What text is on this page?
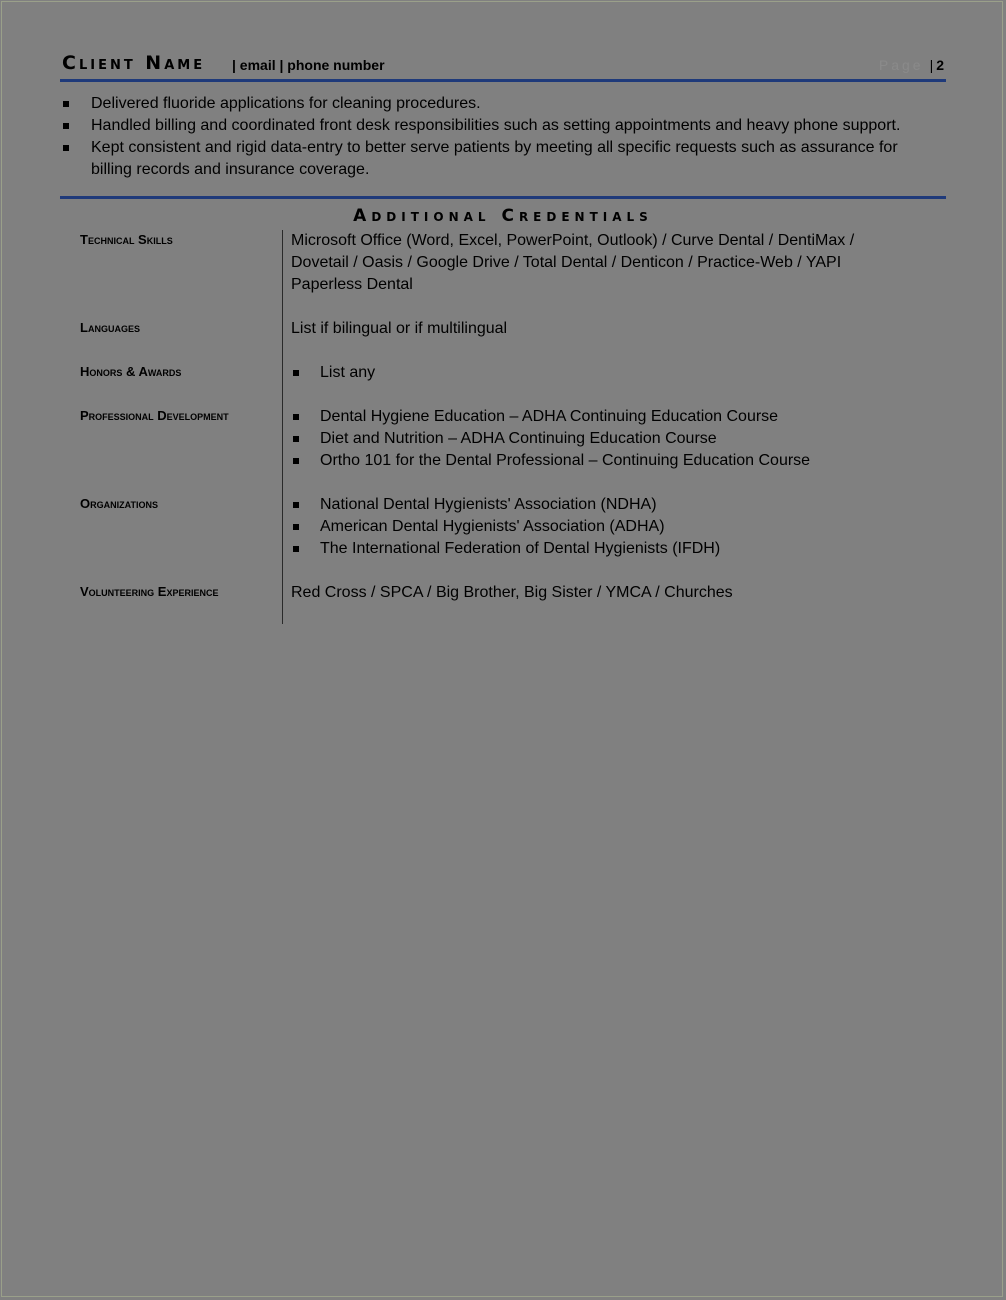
Client Name | email | phone number	Page | 2
Delivered fluoride applications for cleaning procedures.
Handled billing and coordinated front desk responsibilities such as setting appointments and heavy phone support.
Kept consistent and rigid data-entry to better serve patients by meeting all specific requests such as assurance for billing records and insurance coverage.
Additional Credentials
Technical Skills	Microsoft Office (Word, Excel, PowerPoint, Outlook) / Curve Dental / DentiMax / Dovetail / Oasis / Google Drive / Total Dental / Denticon / Practice-Web / YAPI Paperless Dental
Languages	List if bilingual or if multilingual
Honors & Awards	List any
Professional Development	Dental Hygiene Education – ADHA Continuing Education Course
Diet and Nutrition – ADHA Continuing Education Course
Ortho 101 for the Dental Professional – Continuing Education Course
Organizations	National Dental Hygienists' Association (NDHA)
American Dental Hygienists' Association (ADHA)
The International Federation of Dental Hygienists (IFDH)
Volunteering Experience	Red Cross / SPCA / Big Brother, Big Sister / YMCA / Churches
